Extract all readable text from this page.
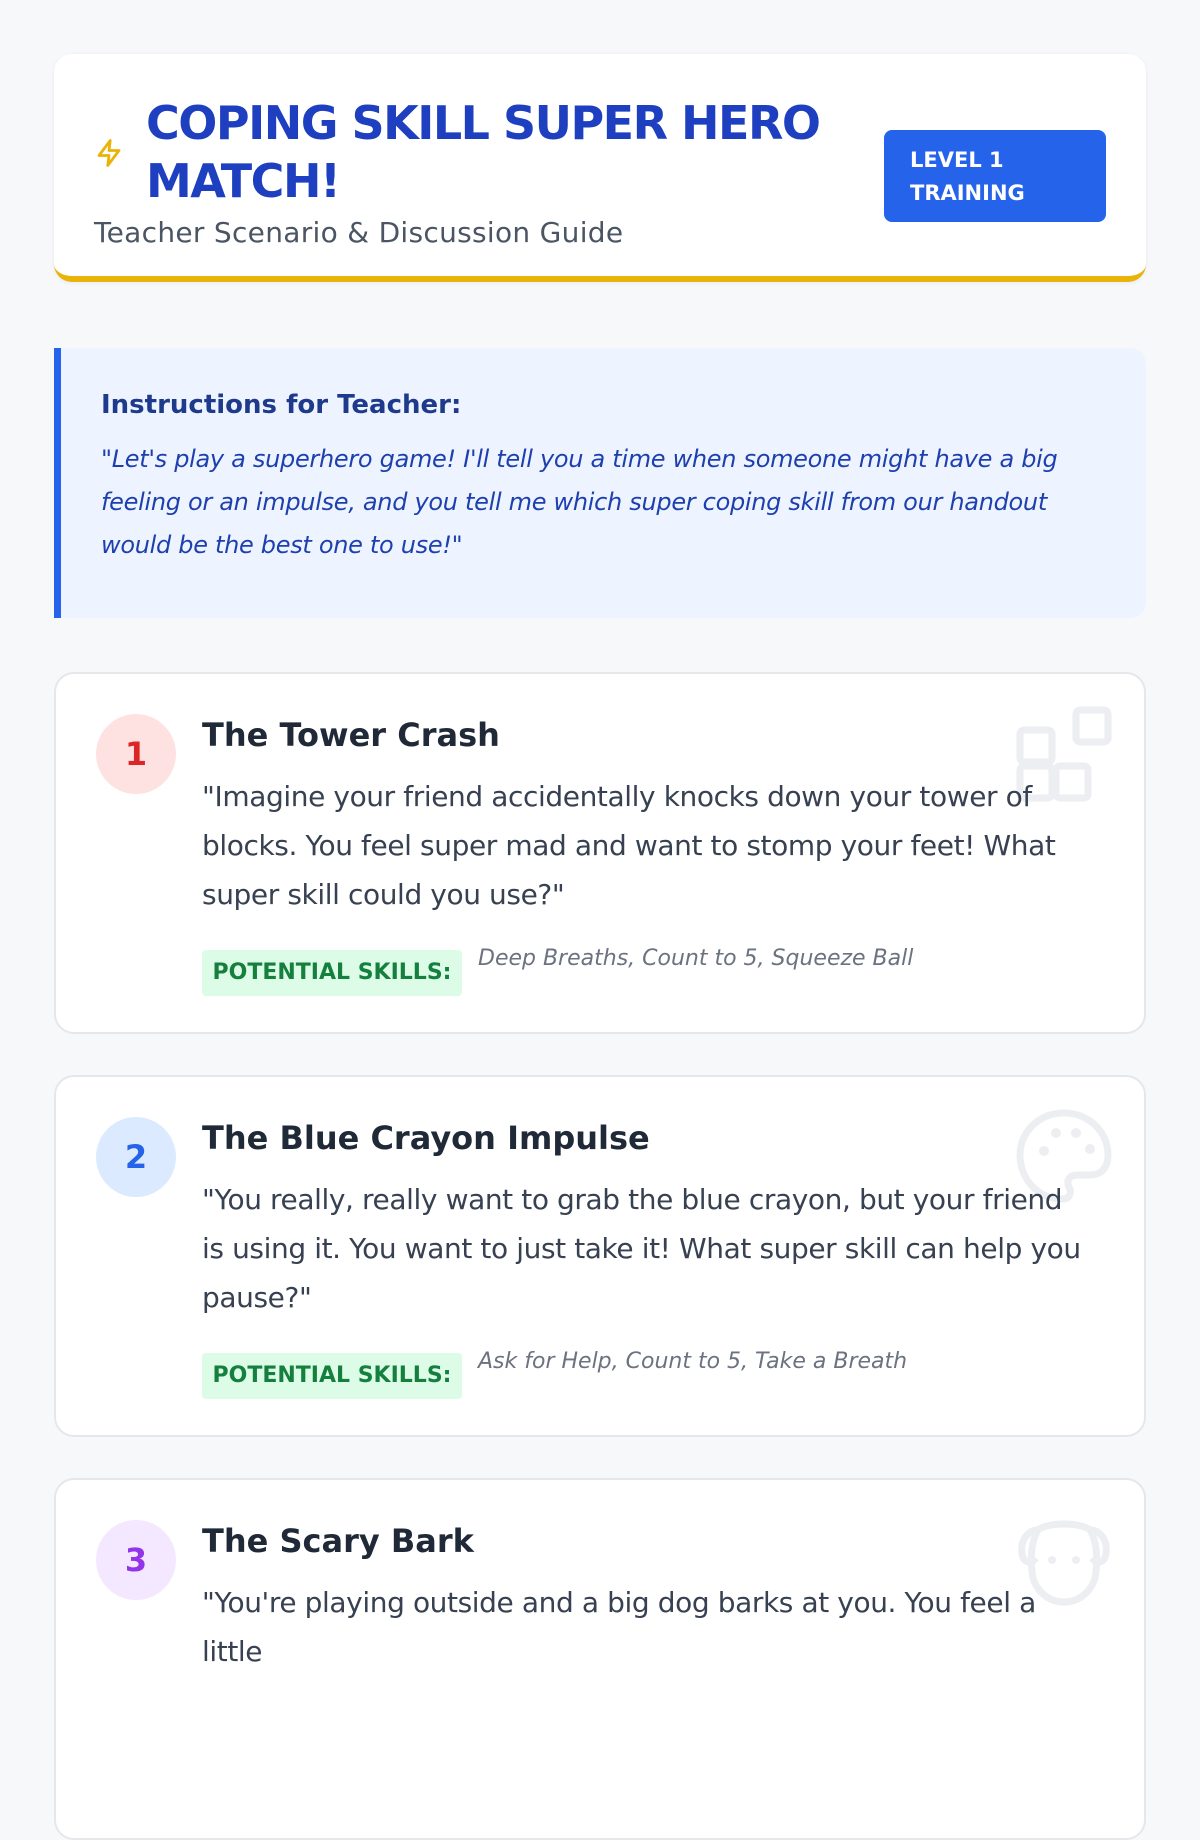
COPING SKILL SUPER HERO MATCH!

Teacher Scenario & Discussion Guide

LEVEL 1 TRAINING

Instructions for Teacher:

"Let's play a superhero game! I'll tell you a time when someone might have a big feeling or an impulse, and you tell me which super coping skill from our handout would be the best one to use!"

1	The Tower Crash

"Imagine your friend accidentally knocks down your tower of blocks. You feel super mad and want to stomp your feet! What super skill could you use?"

POTENTIAL SKILLS:

Deep Breaths, Count to 5, Squeeze Ball

2	The Blue Crayon Impulse

"You really, really want to grab the blue crayon, but your friend is using it. You want to just take it! What super skill can help you pause?"

POTENTIAL SKILLS:

Ask for Help, Count to 5, Take a Breath

3	The Scary Bark

"You're playing outside and a big dog barks at you. You feel a little
